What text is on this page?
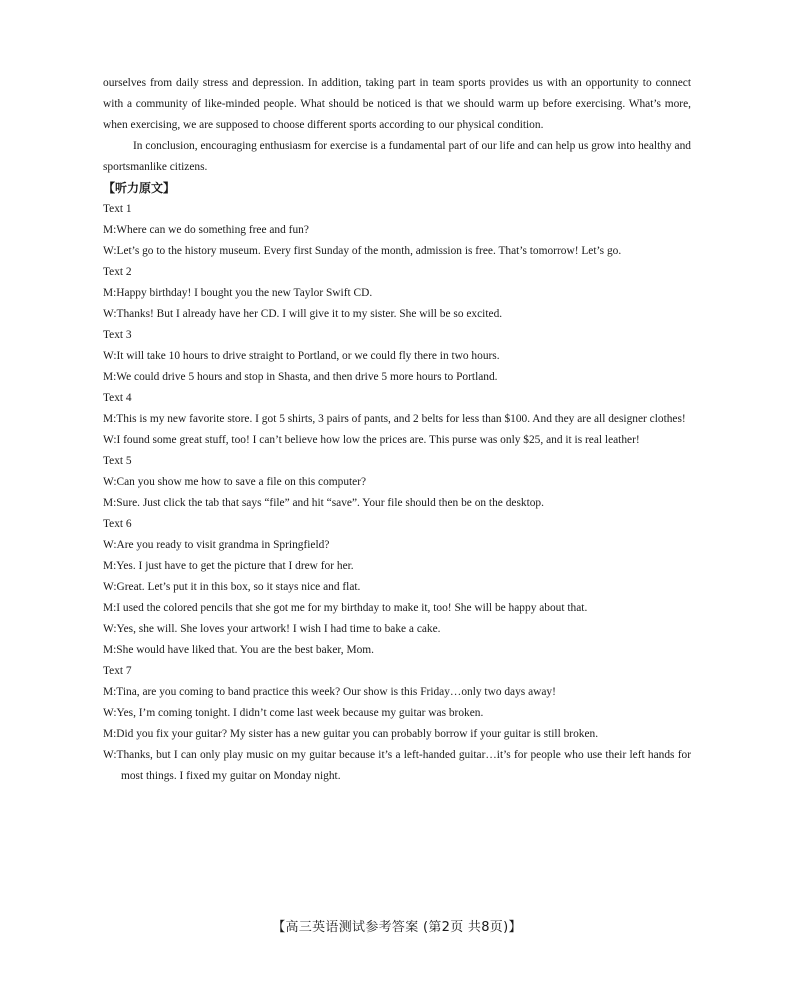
ourselves from daily stress and depression. In addition, taking part in team sports provides us with an opportunity to connect with a community of like-minded people. What should be noticed is that we should warm up before exercising. What’s more, when exercising, we are supposed to choose different sports according to our physical condition.

In conclusion, encouraging enthusiasm for exercise is a fundamental part of our life and can help us grow into healthy and sportsmanlike citizens.

【听力原文】

Text 1

M:Where can we do something free and fun?

W:Let’s go to the history museum. Every first Sunday of the month, admission is free. That’s tomorrow! Let’s go.

Text 2

M:Happy birthday! I bought you the new Taylor Swift CD.

W:Thanks! But I already have her CD. I will give it to my sister. She will be so excited.

Text 3

W:It will take 10 hours to drive straight to Portland, or we could fly there in two hours.

M:We could drive 5 hours and stop in Shasta, and then drive 5 more hours to Portland.

Text 4

M:This is my new favorite store. I got 5 shirts, 3 pairs of pants, and 2 belts for less than $100. And they are all designer clothes!

W:I found some great stuff, too! I can’t believe how low the prices are. This purse was only $25, and it is real leather!

Text 5

W:Can you show me how to save a file on this computer?

M:Sure. Just click the tab that says “file” and hit “save”. Your file should then be on the desktop.

Text 6

W:Are you ready to visit grandma in Springfield?

M:Yes. I just have to get the picture that I drew for her.

W:Great. Let’s put it in this box, so it stays nice and flat.

M:I used the colored pencils that she got me for my birthday to make it, too! She will be happy about that.

W:Yes, she will. She loves your artwork! I wish I had time to bake a cake.

M:She would have liked that. You are the best baker, Mom.

Text 7

M:Tina, are you coming to band practice this week? Our show is this Friday…only two days away!

W:Yes, I’m coming tonight. I didn’t come last week because my guitar was broken.

M:Did you fix your guitar? My sister has a new guitar you can probably borrow if your guitar is still broken.

W:Thanks, but I can only play music on my guitar because it’s a left-handed guitar…it’s for people who use their left hands for most things. I fixed my guitar on Monday night.

【高三英语测试参考答案 (第2页 共8页)】
